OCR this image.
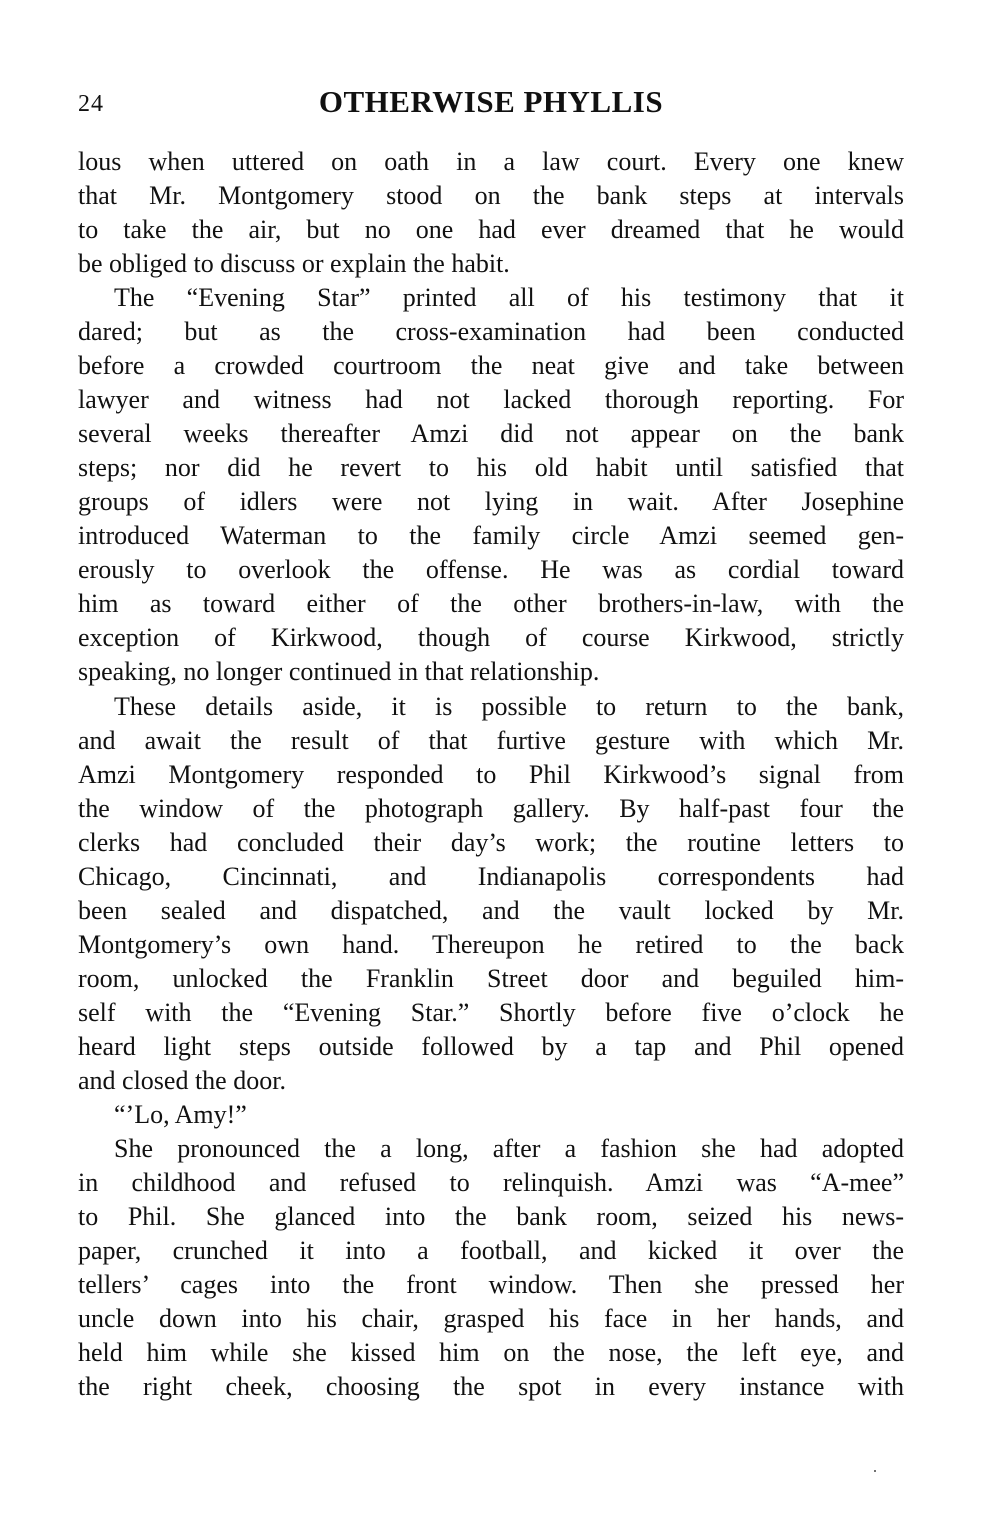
24	OTHERWISE PHYLLIS
lous when uttered on oath in a law court. Every one knew
that Mr. Montgomery stood on the bank steps at intervals
to take the air, but no one had ever dreamed that he would
be obliged to discuss or explain the habit.
The “Evening Star” printed all of his testimony that it
dared; but as the cross-examination had been conducted
before a crowded courtroom the neat give and take between
lawyer and witness had not lacked thorough reporting. For
several weeks thereafter Amzi did not appear on the bank
steps; nor did he revert to his old habit until satisfied that
groups of idlers were not lying in wait. After Josephine
introduced Waterman to the family circle Amzi seemed gen-
erously to overlook the offense. He was as cordial toward
him as toward either of the other brothers-in-law, with the
exception of Kirkwood, though of course Kirkwood, strictly
speaking, no longer continued in that relationship.
These details aside, it is possible to return to the bank,
and await the result of that furtive gesture with which Mr.
Amzi Montgomery responded to Phil Kirkwood’s signal from
the window of the photograph gallery. By half-past four the
clerks had concluded their day’s work; the routine letters to
Chicago, Cincinnati, and Indianapolis correspondents had
been sealed and dispatched, and the vault locked by Mr.
Montgomery’s own hand. Thereupon he retired to the back
room, unlocked the Franklin Street door and beguiled him-
self with the “Evening Star.” Shortly before five o’clock he
heard light steps outside followed by a tap and Phil opened
and closed the door.
“’Lo, Amy!”
She pronounced the a long, after a fashion she had adopted
in childhood and refused to relinquish. Amzi was “A-mee”
to Phil. She glanced into the bank room, seized his news-
paper, crunched it into a football, and kicked it over the
tellers’ cages into the front window. Then she pressed her
uncle down into his chair, grasped his face in her hands, and
held him while she kissed him on the nose, the left eye, and
the right cheek, choosing the spot in every instance with
